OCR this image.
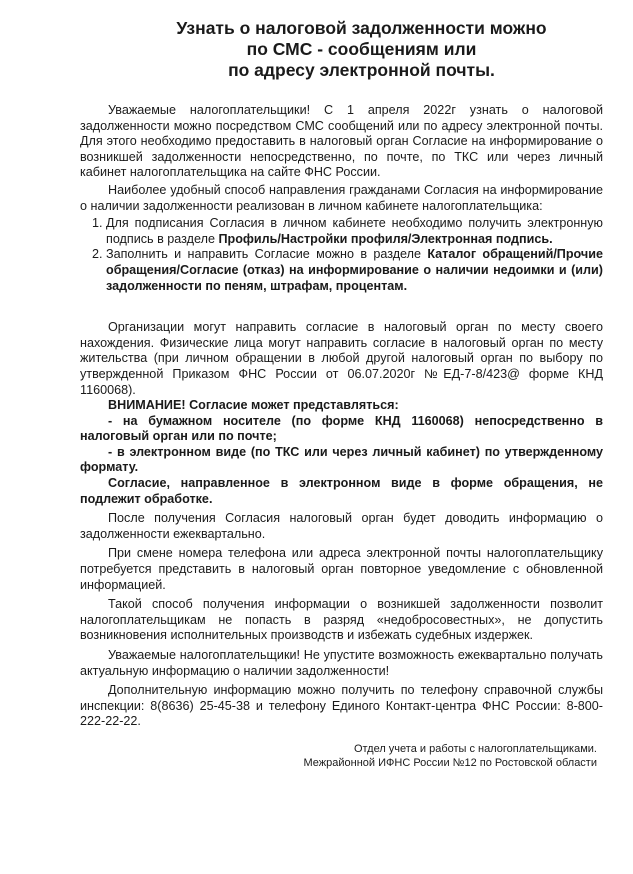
Узнать о налоговой задолженности можно
по СМС - сообщениям или
по адресу электронной почты.

Уважаемые налогоплательщики! С 1 апреля 2022г узнать о налоговой задолженности можно посредством СМС сообщений или по адресу электронной почты. Для этого необходимо предоставить в налоговый орган Согласие на информирование о возникшей задолженности непосредственно, по почте, по ТКС или через личный кабинет налогоплательщика на сайте ФНС России.

Наиболее удобный способ направления гражданами Согласия на информирование о наличии задолженности реализован в личном кабинете налогоплательщика:

1. Для подписания Согласия в личном кабинете необходимо получить электронную подпись в разделе Профиль/Настройки профиля/Электронная подпись.
2. Заполнить и направить Согласие можно в разделе Каталог обращений/Прочие обращения/Согласие (отказ) на информирование о наличии недоимки и (или) задолженности по пеням, штрафам, процентам.

Организации могут направить согласие в налоговый орган по месту своего нахождения. Физические лица могут направить согласие в налоговый орган по месту жительства (при личном обращении в любой другой налоговый орган по выбору по утвержденной Приказом ФНС России от 06.07.2020г №ЕД-7-8/423@ форме КНД 1160068).

ВНИМАНИЕ! Согласие может представляться:

- на бумажном носителе (по форме КНД 1160068) непосредственно в налоговый орган или по почте;

- в электронном виде (по ТКС или через личный кабинет) по утвержденному формату.

Согласие, направленное в электронном виде в форме обращения, не подлежит обработке.

После получения Согласия налоговый орган будет доводить информацию о задолженности ежеквартально.

При смене номера телефона или адреса электронной почты налогоплательщику потребуется представить в налоговый орган повторное уведомление с обновленной информацией.

Такой способ получения информации о возникшей задолженности позволит налогоплательщикам не попасть в разряд «недобросовестных», не допустить возникновения исполнительных производств и избежать судебных издержек.

Уважаемые налогоплательщики! Не упустите возможность ежеквартально получать актуальную информацию о наличии задолженности!

Дополнительную информацию можно получить по телефону справочной службы инспекции: 8(8636) 25-45-38 и телефону Единого Контакт-центра ФНС России: 8-800-222-22-22.

Отдел учета и работы с налогоплательщиками.
Межрайонной ИФНС России №12 по Ростовской области
